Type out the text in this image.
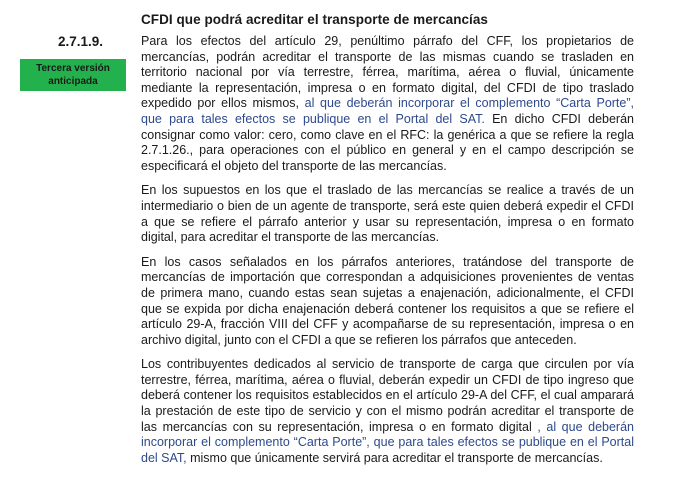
CFDI que podrá acreditar el transporte de mercancías
2.7.1.9.
Tercera versión
anticipada

Para los efectos del artículo 29, penúltimo párrafo del CFF, los propietarios de mercancías, podrán acreditar el transporte de las mismas cuando se trasladen en territorio nacional por vía terrestre, férrea, marítima, aérea o fluvial, únicamente mediante la representación, impresa o en formato digital, del CFDI de tipo traslado expedido por ellos mismos, al que deberán incorporar el complemento “Carta Porte”, que para tales efectos se publique en el Portal del SAT. En dicho CFDI deberán consignar como valor: cero, como clave en el RFC: la genérica a que se refiere la regla 2.7.1.26., para operaciones con el público en general y en el campo descripción se especificará el objeto del transporte de las mercancías.

En los supuestos en los que el traslado de las mercancías se realice a través de un intermediario o bien de un agente de transporte, será este quien deberá expedir el CFDI a que se refiere el párrafo anterior y usar su representación, impresa o en formato digital, para acreditar el transporte de las mercancías.

En los casos señalados en los párrafos anteriores, tratándose del transporte de mercancías de importación que correspondan a adquisiciones provenientes de ventas de primera mano, cuando estas sean sujetas a enajenación, adicionalmente, el CFDI que se expida por dicha enajenación deberá contener los requisitos a que se refiere el artículo 29-A, fracción VIII del CFF y acompañarse de su representación, impresa o en archivo digital, junto con el CFDI a que se refieren los párrafos que anteceden.

Los contribuyentes dedicados al servicio de transporte de carga que circulen por vía terrestre, férrea, marítima, aérea o fluvial, deberán expedir un CFDI de tipo ingreso que deberá contener los requisitos establecidos en el artículo 29-A del CFF, el cual amparará la prestación de este tipo de servicio y con el mismo podrán acreditar el transporte de las mercancías con su representación, impresa o en formato digital , al que deberán incorporar el complemento “Carta Porte”, que para tales efectos se publique en el Portal del SAT, mismo que únicamente servirá para acreditar el transporte de mercancías.
